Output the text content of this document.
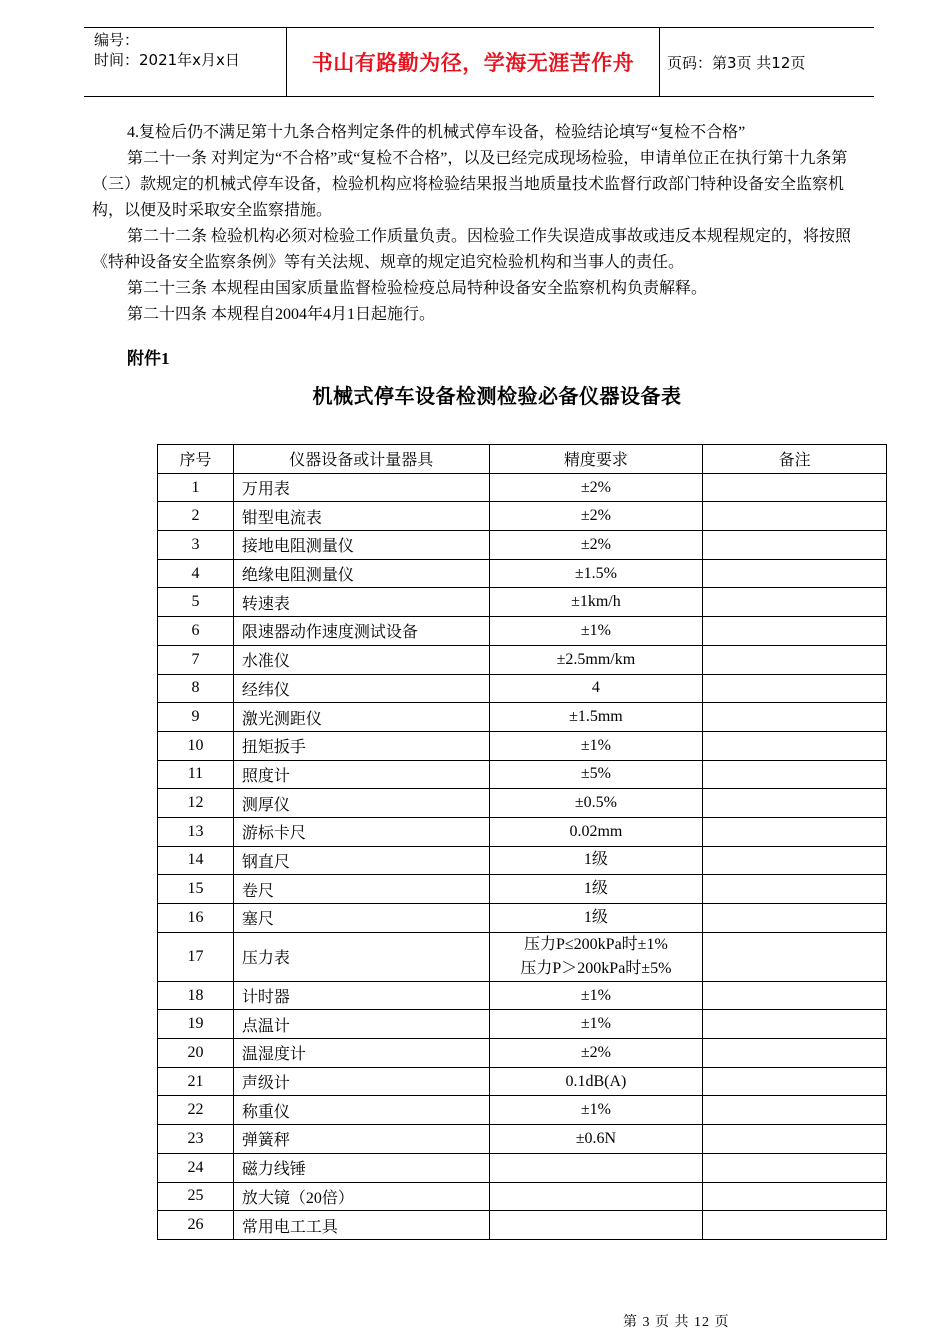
编号：
时间：2021年x月x日	书山有路勤为径，学海无涯苦作舟	页码：第3页 共12页

4.复检后仍不满足第十九条合格判定条件的机械式停车设备，检验结论填写“复检不合格”

第二十一条 对判定为“不合格”或“复检不合格”，以及已经完成现场检验，申请单位正在执行第十九条第（三）款规定的机械式停车设备，检验机构应将检验结果报当地质量技术监督行政部门特种设备安全监察机构，以便及时采取安全监察措施。

第二十二条 检验机构必须对检验工作质量负责。因检验工作失误造成事故或违反本规程规定的，将按照《特种设备安全监察条例》等有关法规、规章的规定追究检验机构和当事人的责任。

第二十三条 本规程由国家质量监督检验检疫总局特种设备安全监察机构负责解释。

第二十四条 本规程自2004年4月1日起施行。

附件1
机械式停车设备检测检验必备仪器设备表
序号	仪器设备或计量器具	精度要求	备注
1	万用表	±2%	
2	钳型电流表	±2%	
3	接地电阻测量仪	±2%	
4	绝缘电阻测量仪	±1.5%	
5	转速表	±1km/h	
6	限速器动作速度测试设备	±1%	
7	水准仪	±2.5mm/km	
8	经纬仪	4	
9	激光测距仪	±1.5mm	
10	扭矩扳手	±1%	
11	照度计	±5%	
12	测厚仪	±0.5%	
13	游标卡尺	0.02mm	
14	钢直尺	1级	
15	卷尺	1级	
16	塞尺	1级	
17	压力表	压力P≤200kPa时±1%
压力P＞200kPa时±5%	

18	计时器	±1%	
19	点温计	±1%	
20	温湿度计	±2%	
21	声级计	0.1dB(A)	
22	称重仪	±1%	
23	弹簧秤	±0.6N	
24	磁力线锤		
25	放大镜（20倍）		
26	常用电工工具		
第 3 页 共 12 页
